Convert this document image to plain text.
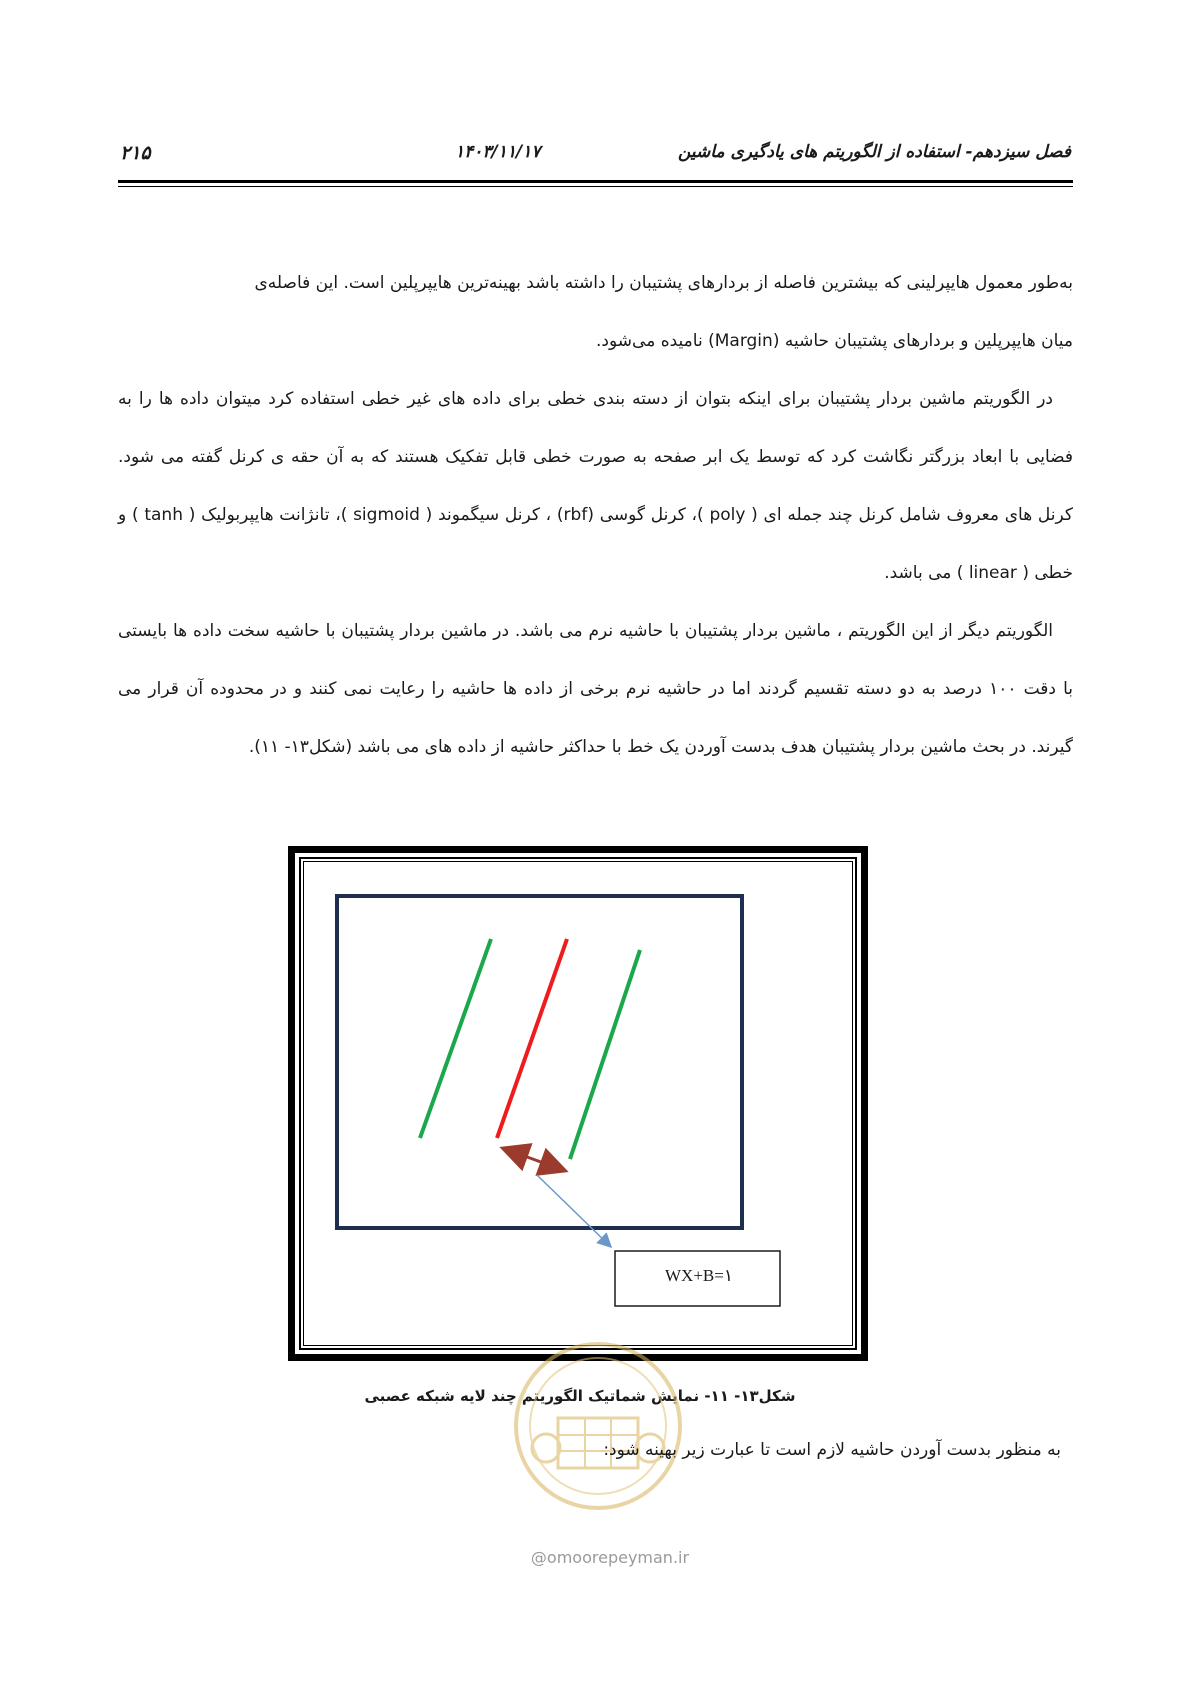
فصل سیزدهم- استفاده از الگوریتم های یادگیری ماشین
۱۴۰۳/۱۱/۱۷
۲۱۵

به‌طور معمول هایپرلینی که بیشترین فاصله از بردارهای پشتیبان را داشته باشد بهینه‌ترین هایپرپلین است. این فاصله‌ی

میان هایپرپلین و بردارهای پشتیبان حاشیه (Margin) نامیده می‌شود.

در الگوریتم ماشین بردار پشتیبان برای اینکه بتوان از دسته بندی خطی برای داده های غیر خطی استفاده کرد میتوان داده ها را به فضایی با ابعاد بزرگتر نگاشت کرد که توسط یک ابر صفحه به صورت خطی قابل تفکیک هستند که به آن حقه ی کرنل گفته می شود. کرنل های معروف شامل کرنل چند جمله ای ( poly )، کرنل گوسی (rbf) ، کرنل سیگموند ( sigmoid )، تانژانت هایپربولیک ( tanh ) و خطی ( linear ) می باشد.

الگوریتم دیگر از این الگوریتم ، ماشین بردار پشتیبان با حاشیه نرم می باشد. در ماشین بردار پشتیبان با حاشیه سخت داده ها بایستی با دقت ۱۰۰ درصد به دو دسته تقسیم گردند اما در حاشیه نرم برخی از داده ها حاشیه را رعایت نمی کنند و در محدوده آن قرار می گیرند. در بحث ماشین بردار پشتیبان هدف بدست آوردن یک خط با حداکثر حاشیه از داده های می باشد (شکل۱۳- ۱۱).

WX+B=۱
شکل۱۳- ۱۱- نمایش شماتیک الگوریتم چند لایه شبکه عصبی
به منظور بدست آوردن حاشیه لازم است تا عبارت زیر بهینه شود:
@omoorepeyman.ir
